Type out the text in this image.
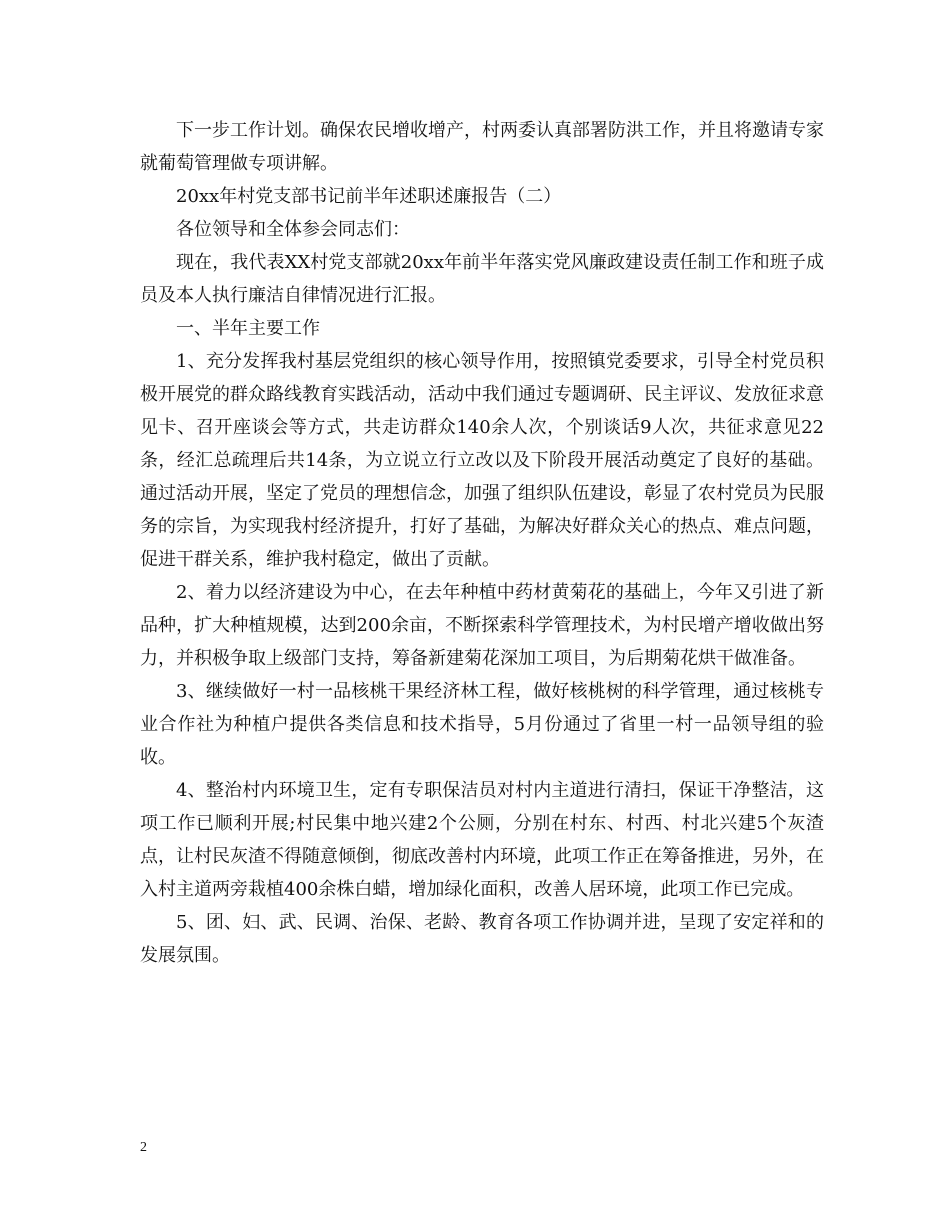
下一步工作计划。确保农民增收增产，村两委认真部署防洪工作，并且将邀请专家就葡萄管理做专项讲解。

20xx年村党支部书记前半年述职述廉报告（二）

各位领导和全体参会同志们：

现在，我代表XX村党支部就20xx年前半年落实党风廉政建设责任制工作和班子成员及本人执行廉洁自律情况进行汇报。

一、半年主要工作

1、充分发挥我村基层党组织的核心领导作用，按照镇党委要求，引导全村党员积极开展党的群众路线教育实践活动，活动中我们通过专题调研、民主评议、发放征求意见卡、召开座谈会等方式，共走访群众140余人次，个别谈话9人次，共征求意见22条，经汇总疏理后共14条，为立说立行立改以及下阶段开展活动奠定了良好的基础。通过活动开展，坚定了党员的理想信念，加强了组织队伍建设，彰显了农村党员为民服务的宗旨，为实现我村经济提升，打好了基础，为解决好群众关心的热点、难点问题，促进干群关系，维护我村稳定，做出了贡献。

2、着力以经济建设为中心，在去年种植中药材黄菊花的基础上，今年又引进了新品种，扩大种植规模，达到200余亩，不断探索科学管理技术，为村民增产增收做出努力，并积极争取上级部门支持，筹备新建菊花深加工项目，为后期菊花烘干做准备。

3、继续做好一村一品核桃干果经济林工程，做好核桃树的科学管理，通过核桃专业合作社为种植户提供各类信息和技术指导，5月份通过了省里一村一品领导组的验收。

4、整治村内环境卫生，定有专职保洁员对村内主道进行清扫，保证干净整洁，这项工作已顺利开展;村民集中地兴建2个公厕，分别在村东、村西、村北兴建5个灰渣点，让村民灰渣不得随意倾倒，彻底改善村内环境，此项工作正在筹备推进，另外，在入村主道两旁栽植400余株白蜡，增加绿化面积，改善人居环境，此项工作已完成。

5、团、妇、武、民调、治保、老龄、教育各项工作协调并进，呈现了安定祥和的发展氛围。

2
